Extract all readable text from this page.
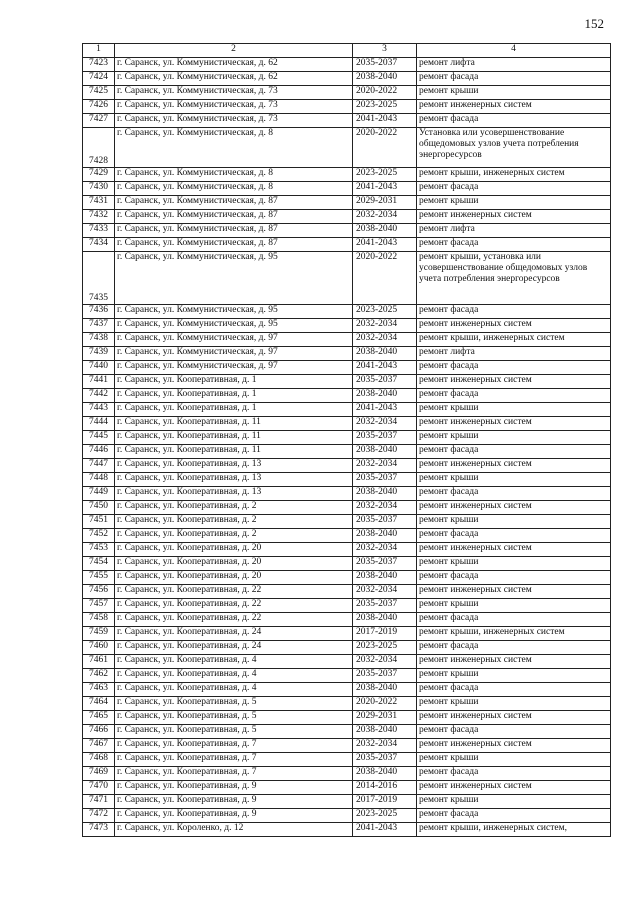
152
1	2	3	4
7423	г. Саранск, ул. Коммунистическая, д. 62	2035-2037	ремонт лифта
7424	г. Саранск, ул. Коммунистическая, д. 62	2038-2040	ремонт фасада
7425	г. Саранск, ул. Коммунистическая, д. 73	2020-2022	ремонт крыши
7426	г. Саранск, ул. Коммунистическая, д. 73	2023-2025	ремонт инженерных систем
7427	г. Саранск, ул. Коммунистическая, д. 73	2041-2043	ремонт фасада
7428	г. Саранск, ул. Коммунистическая, д. 8	2020-2022	Установка или усовершенствование общедомовых узлов учета потребления энергоресурсов
7429	г. Саранск, ул. Коммунистическая, д. 8	2023-2025	ремонт крыши, инженерных систем
7430	г. Саранск, ул. Коммунистическая, д. 8	2041-2043	ремонт фасада
7431	г. Саранск, ул. Коммунистическая, д. 87	2029-2031	ремонт крыши
7432	г. Саранск, ул. Коммунистическая, д. 87	2032-2034	ремонт инженерных систем
7433	г. Саранск, ул. Коммунистическая, д. 87	2038-2040	ремонт лифта
7434	г. Саранск, ул. Коммунистическая, д. 87	2041-2043	ремонт фасада
7435	г. Саранск, ул. Коммунистическая, д. 95	2020-2022	ремонт крыши, установка или усовершенствование общедомовых узлов учета потребления энергоресурсов
7436	г. Саранск, ул. Коммунистическая, д. 95	2023-2025	ремонт фасада
7437	г. Саранск, ул. Коммунистическая, д. 95	2032-2034	ремонт инженерных систем
7438	г. Саранск, ул. Коммунистическая, д. 97	2032-2034	ремонт крыши, инженерных систем
7439	г. Саранск, ул. Коммунистическая, д. 97	2038-2040	ремонт лифта
7440	г. Саранск, ул. Коммунистическая, д. 97	2041-2043	ремонт фасада
7441	г. Саранск, ул. Кооперативная, д. 1	2035-2037	ремонт инженерных систем
7442	г. Саранск, ул. Кооперативная, д. 1	2038-2040	ремонт фасада
7443	г. Саранск, ул. Кооперативная, д. 1	2041-2043	ремонт крыши
7444	г. Саранск, ул. Кооперативная, д. 11	2032-2034	ремонт инженерных систем
7445	г. Саранск, ул. Кооперативная, д. 11	2035-2037	ремонт крыши
7446	г. Саранск, ул. Кооперативная, д. 11	2038-2040	ремонт фасада
7447	г. Саранск, ул. Кооперативная, д. 13	2032-2034	ремонт инженерных систем
7448	г. Саранск, ул. Кооперативная, д. 13	2035-2037	ремонт крыши
7449	г. Саранск, ул. Кооперативная, д. 13	2038-2040	ремонт фасада
7450	г. Саранск, ул. Кооперативная, д. 2	2032-2034	ремонт инженерных систем
7451	г. Саранск, ул. Кооперативная, д. 2	2035-2037	ремонт крыши
7452	г. Саранск, ул. Кооперативная, д. 2	2038-2040	ремонт фасада
7453	г. Саранск, ул. Кооперативная, д. 20	2032-2034	ремонт инженерных систем
7454	г. Саранск, ул. Кооперативная, д. 20	2035-2037	ремонт крыши
7455	г. Саранск, ул. Кооперативная, д. 20	2038-2040	ремонт фасада
7456	г. Саранск, ул. Кооперативная, д. 22	2032-2034	ремонт инженерных систем
7457	г. Саранск, ул. Кооперативная, д. 22	2035-2037	ремонт крыши
7458	г. Саранск, ул. Кооперативная, д. 22	2038-2040	ремонт фасада
7459	г. Саранск, ул. Кооперативная, д. 24	2017-2019	ремонт крыши, инженерных систем
7460	г. Саранск, ул. Кооперативная, д. 24	2023-2025	ремонт фасада
7461	г. Саранск, ул. Кооперативная, д. 4	2032-2034	ремонт инженерных систем
7462	г. Саранск, ул. Кооперативная, д. 4	2035-2037	ремонт крыши
7463	г. Саранск, ул. Кооперативная, д. 4	2038-2040	ремонт фасада
7464	г. Саранск, ул. Кооперативная, д. 5	2020-2022	ремонт крыши
7465	г. Саранск, ул. Кооперативная, д. 5	2029-2031	ремонт инженерных систем
7466	г. Саранск, ул. Кооперативная, д. 5	2038-2040	ремонт фасада
7467	г. Саранск, ул. Кооперативная, д. 7	2032-2034	ремонт инженерных систем
7468	г. Саранск, ул. Кооперативная, д. 7	2035-2037	ремонт крыши
7469	г. Саранск, ул. Кооперативная, д. 7	2038-2040	ремонт фасада
7470	г. Саранск, ул. Кооперативная, д. 9	2014-2016	ремонт инженерных систем
7471	г. Саранск, ул. Кооперативная, д. 9	2017-2019	ремонт крыши
7472	г. Саранск, ул. Кооперативная, д. 9	2023-2025	ремонт фасада
7473	г. Саранск, ул. Короленко, д. 12	2041-2043	ремонт крыши, инженерных систем,
